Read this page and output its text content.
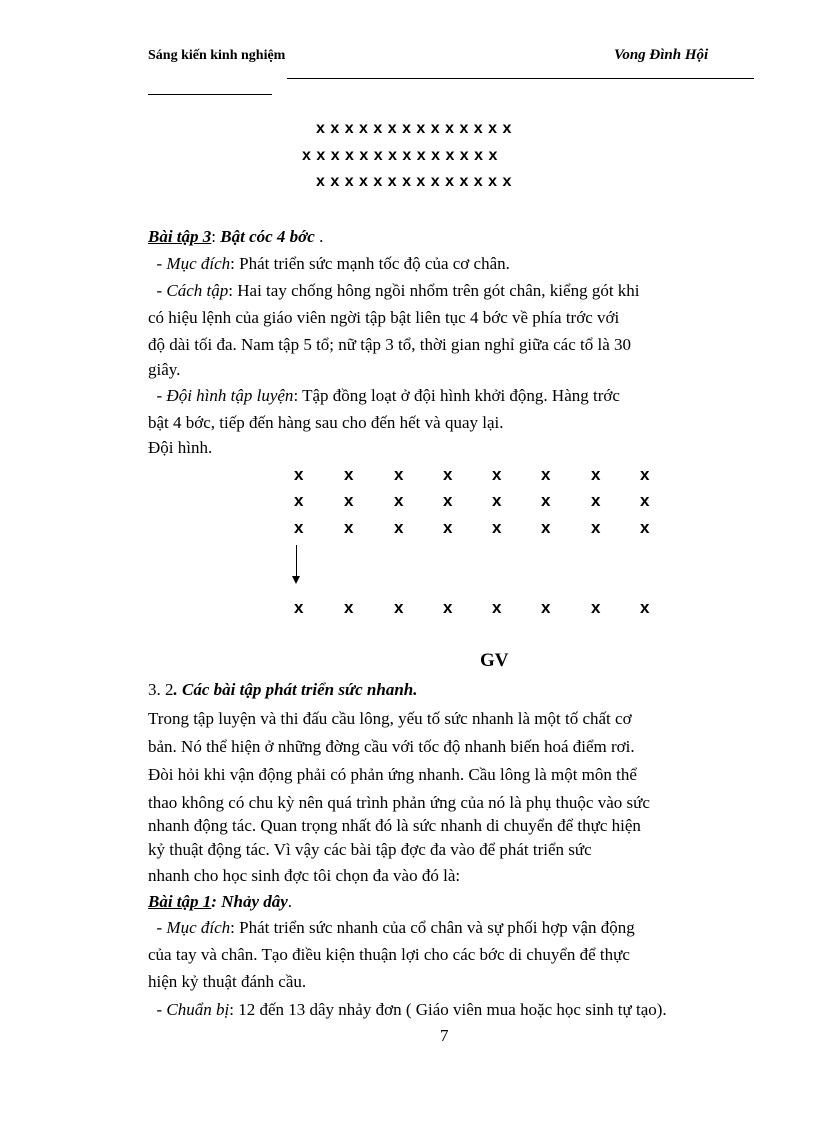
Sáng kiến kinh nghiệm	Vong Đình Hội
x x x x x x x x x x x x x x
x x x x x x x x x x x x x x
x x x x x x x x x x x x x x
Bài tập 3: Bật cóc 4 bớc .
- Mục đích: Phát triển sức mạnh tốc độ của cơ chân.
- Cách tập: Hai tay chống hông ngồi nhổm trên gót chân, kiểng gót khi
có hiệu lệnh của giáo viên ngời tập bật liên tục 4 bớc về phía trớc với
độ dài tối đa. Nam tập 5 tổ; nữ tập 3 tổ, thời gian nghỉ giữa các tổ là 30
giây.
- Đội hình tập luyện: Tập đồng loạt ở đội hình khởi động. Hàng trớc
bật 4 bớc, tiếp đến hàng sau cho đến hết và quay lại.
Đội hình.
x x x x x x x x
x x x x x x x x
x x x x x x x x
x x x x x x x x
GV
3. 2. Các bài tập phát triển sức nhanh.
Trong tập luyện và thi đấu cầu lông, yếu tố sức nhanh là một tố chất cơ
bản. Nó thể hiện ở những đờng cầu với tốc độ nhanh biến hoá điểm rơi.
Đòi hỏi khi vận động phải có phản ứng nhanh. Cầu lông là một môn thể
thao không có chu kỳ nên quá trình phản ứng của nó là phụ thuộc vào sức
nhanh động tác. Quan trọng nhất đó là sức nhanh di chuyển để thực hiện
kỷ thuật động tác. Vì vậy các bài tập đợc đa vào để phát triển sức
nhanh cho học sinh đợc tôi chọn đa vào đó là:
Bài tập 1: Nhảy dây.
- Mục đích: Phát triển sức nhanh của cổ chân và sự phối hợp vận động
của tay và chân. Tạo điều kiện thuận lợi cho các bớc di chuyển để thực
hiện kỷ thuật đánh cầu.
- Chuẩn bị: 12 đến 13 dây nhảy đơn ( Giáo viên mua hoặc học sinh tự tạo).
7
